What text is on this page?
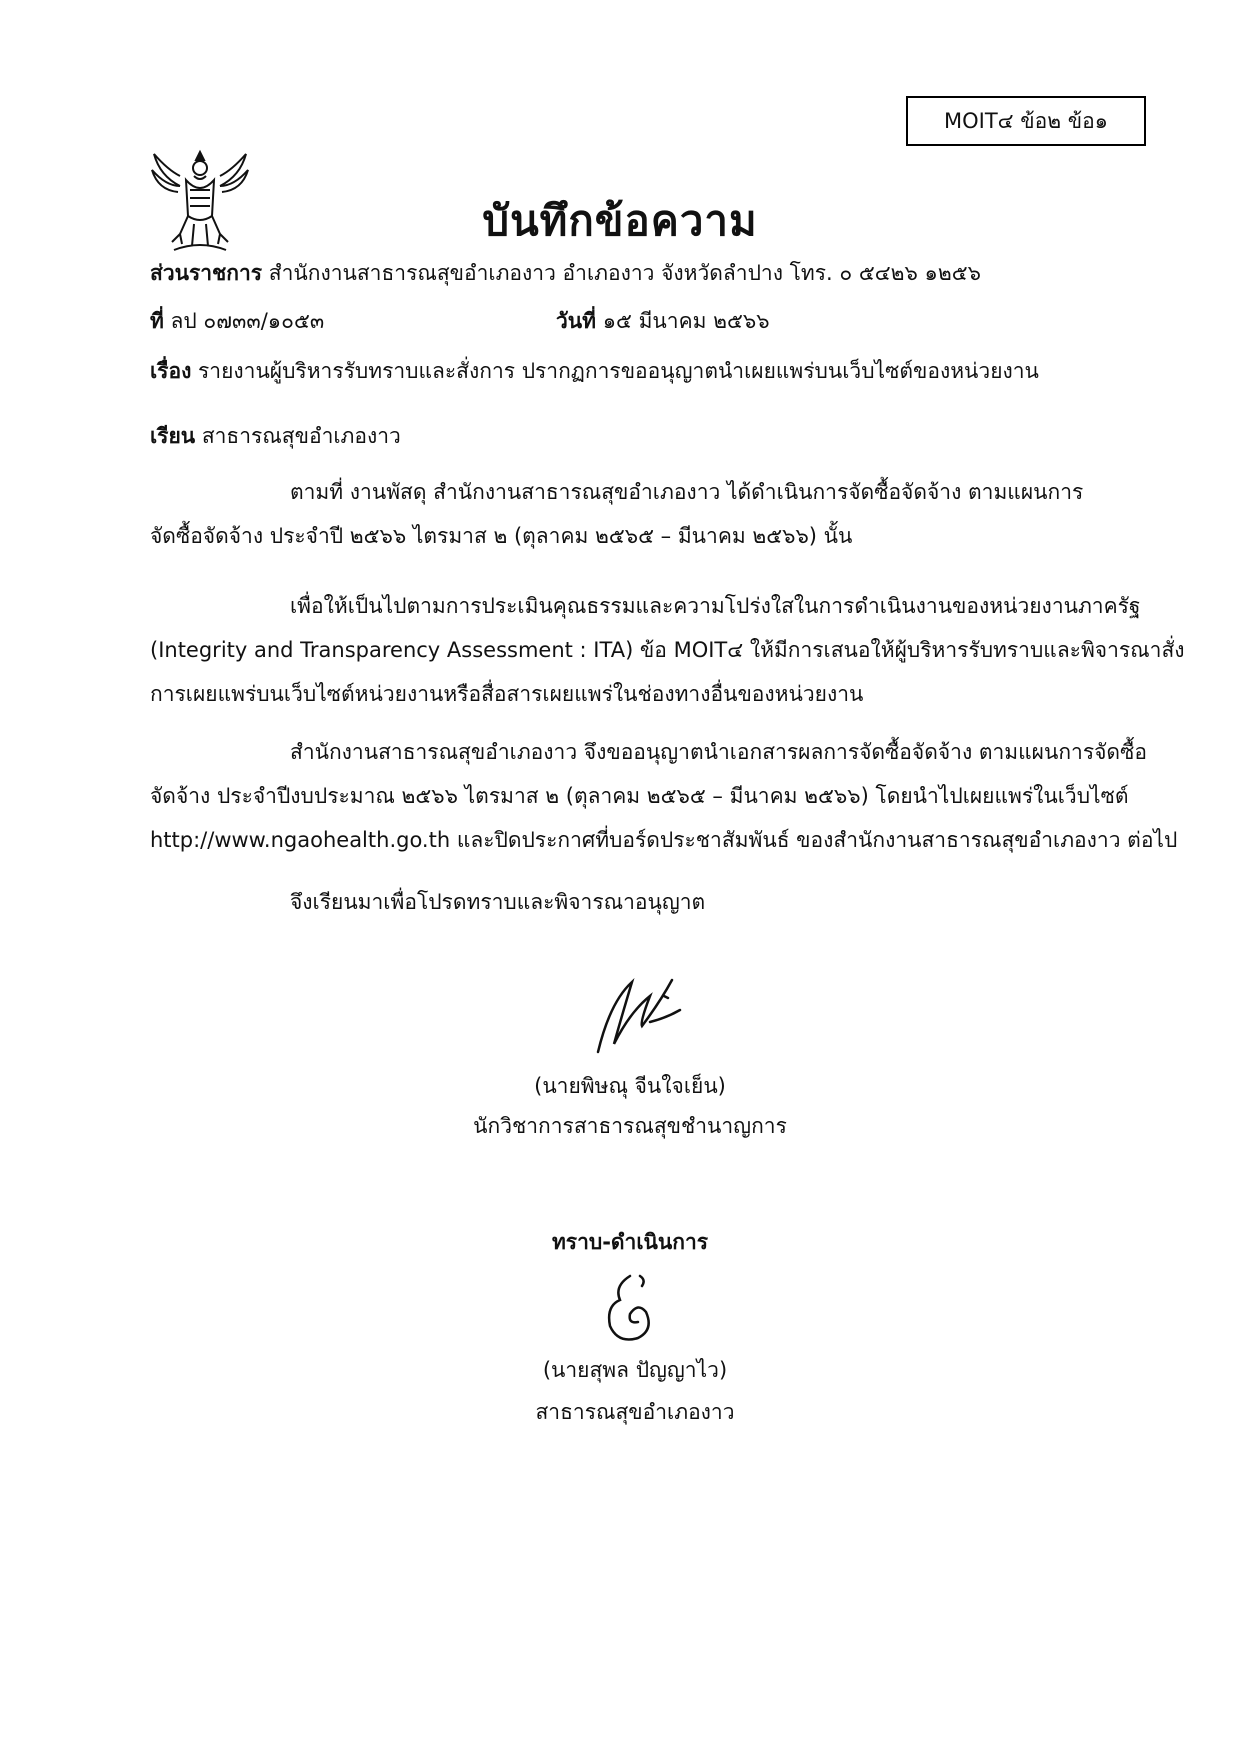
MOIT๔ ข้อ๒ ข้อ๑
บันทึกข้อความ
ส่วนราชการ สำนักงานสาธารณสุขอำเภองาว อำเภองาว จังหวัดลำปาง โทร. ๐ ๕๔๒๖ ๑๒๕๖
ที่ ลป ๐๗๓๓/๑๐๕๓	วันที่ ๑๕ มีนาคม ๒๕๖๖
เรื่อง รายงานผู้บริหารรับทราบและสั่งการ ปรากฏการขออนุญาตนำเผยแพร่บนเว็บไซต์ของหน่วยงาน
เรียน สาธารณสุขอำเภองาว
ตามที่ งานพัสดุ สำนักงานสาธารณสุขอำเภองาว ได้ดำเนินการจัดซื้อจัดจ้าง ตามแผนการ
จัดซื้อจัดจ้าง ประจำปี ๒๕๖๖ ไตรมาส ๒ (ตุลาคม ๒๕๖๕ – มีนาคม ๒๕๖๖) นั้น
เพื่อให้เป็นไปตามการประเมินคุณธรรมและความโปร่งใสในการดำเนินงานของหน่วยงานภาครัฐ
(Integrity and Transparency Assessment : ITA) ข้อ MOIT๔ ให้มีการเสนอให้ผู้บริหารรับทราบและพิจารณาสั่ง
การเผยแพร่บนเว็บไซต์หน่วยงานหรือสื่อสารเผยแพร่ในช่องทางอื่นของหน่วยงาน
สำนักงานสาธารณสุขอำเภองาว จึงขออนุญาตนำเอกสารผลการจัดซื้อจัดจ้าง ตามแผนการจัดซื้อ
จัดจ้าง ประจำปีงบประมาณ ๒๕๖๖ ไตรมาส ๒ (ตุลาคม ๒๕๖๕ – มีนาคม ๒๕๖๖) โดยนำไปเผยแพร่ในเว็บไซต์
http://www.ngaohealth.go.th และปิดประกาศที่บอร์ดประชาสัมพันธ์ ของสำนักงานสาธารณสุขอำเภองาว ต่อไป
จึงเรียนมาเพื่อโปรดทราบและพิจารณาอนุญาต
(นายพิษณุ จีนใจเย็น)
นักวิชาการสาธารณสุขชำนาญการ
ทราบ-ดำเนินการ
(นายสุพล ปัญญาไว)
สาธารณสุขอำเภองาว
